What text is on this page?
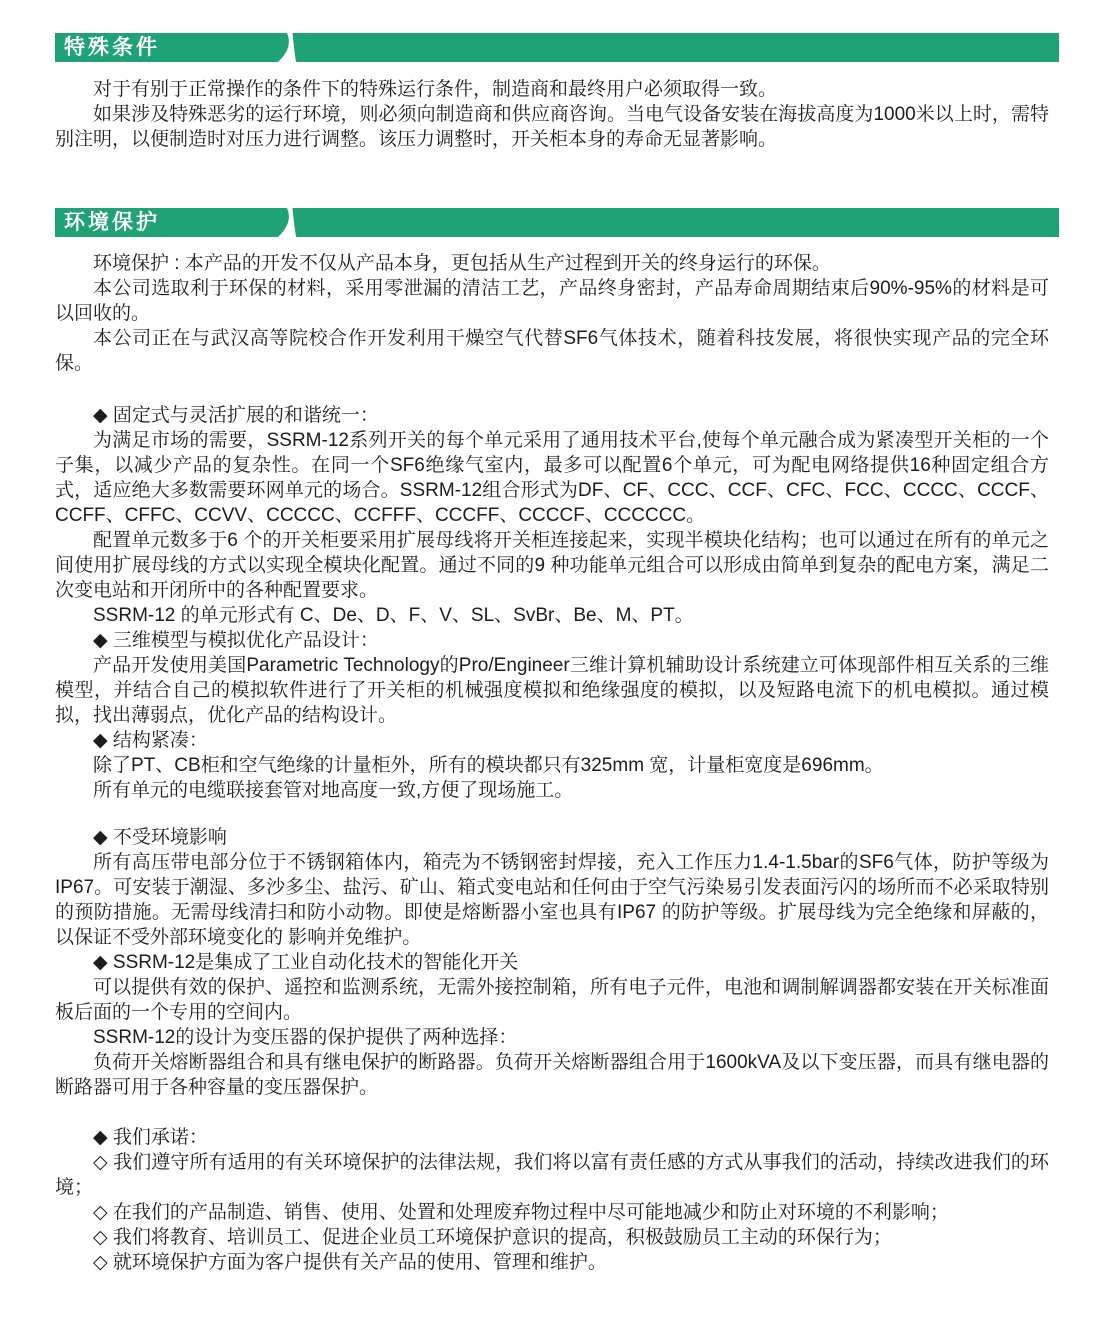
特殊条件

对于有别于正常操作的条件下的特殊运行条件，制造商和最终用户必须取得一致。

如果涉及特殊恶劣的运行环境，则必须向制造商和供应商咨询。当电气设备安装在海拔高度为1000米以上时，需特别注明，以便制造时对压力进行调整。该压力调整时，开关柜本身的寿命无显著影响。

环境保护

环境保护 : 本产品的开发不仅从产品本身，更包括从生产过程到开关的终身运行的环保。

本公司选取利于环保的材料，采用零泄漏的清洁工艺，产品终身密封，产品寿命周期结束后90%-95%的材料是可以回收的。

本公司正在与武汉高等院校合作开发利用干燥空气代替SF6气体技术，随着科技发展，将很快实现产品的完全环保。

◆ 固定式与灵活扩展的和谐统一：

为满足市场的需要，SSRM-12系列开关的每个单元采用了通用技术平台,使每个单元融合成为紧凑型开关柜的一个子集，以减少产品的复杂性。在同一个SF6绝缘气室内，最多可以配置6个单元，可为配电网络提供16种固定组合方式，适应绝大多数需要环网单元的场合。SSRM-12组合形式为DF、CF、CCC、CCF、CFC、FCC、CCCC、CCCF、CCFF、CFFC、CCVV、CCCCC、CCFFF、CCCFF、CCCCF、CCCCCC。

配置单元数多于6 个的开关柜要采用扩展母线将开关柜连接起来，实现半模块化结构；也可以通过在所有的单元之间使用扩展母线的方式以实现全模块化配置。通过不同的9 种功能单元组合可以形成由简单到复杂的配电方案，满足二次变电站和开闭所中的各种配置要求。

SSRM-12 的单元形式有 C、De、D、F、V、SL、SvBr、Be、M、PT。

◆ 三维模型与模拟优化产品设计：

产品开发使用美国Parametric Technology的Pro/Engineer三维计算机辅助设计系统建立可体现部件相互关系的三维模型，并结合自己的模拟软件进行了开关柜的机械强度模拟和绝缘强度的模拟，以及短路电流下的机电模拟。通过模拟，找出薄弱点，优化产品的结构设计。

◆ 结构紧凑：

除了PT、CB柜和空气绝缘的计量柜外，所有的模块都只有325mm 宽，计量柜宽度是696mm。

所有单元的电缆联接套管对地高度一致,方便了现场施工。

◆ 不受环境影响

所有高压带电部分位于不锈钢箱体内，箱壳为不锈钢密封焊接，充入工作压力1.4-1.5bar的SF6气体，防护等级为IP67。可安装于潮湿、多沙多尘、盐污、矿山、箱式变电站和任何由于空气污染易引发表面污闪的场所而不必采取特别的预防措施。无需母线清扫和防小动物。即使是熔断器小室也具有IP67 的防护等级。扩展母线为完全绝缘和屏蔽的，以保证不受外部环境变化的 影响并免维护。

◆ SSRM-12是集成了工业自动化技术的智能化开关

可以提供有效的保护、遥控和监测系统，无需外接控制箱，所有电子元件，电池和调制解调器都安装在开关标准面板后面的一个专用的空间内。

SSRM-12的设计为变压器的保护提供了两种选择：

负荷开关熔断器组合和具有继电保护的断路器。负荷开关熔断器组合用于1600kVA及以下变压器，而具有继电器的断路器可用于各种容量的变压器保护。

◆ 我们承诺：

◇ 我们遵守所有适用的有关环境保护的法律法规，我们将以富有责任感的方式从事我们的活动，持续改进我们的环境；

◇ 在我们的产品制造、销售、使用、处置和处理废弃物过程中尽可能地减少和防止对环境的不利影响；

◇ 我们将教育、培训员工、促进企业员工环境保护意识的提高，积极鼓励员工主动的环保行为；

◇ 就环境保护方面为客户提供有关产品的使用、管理和维护。
